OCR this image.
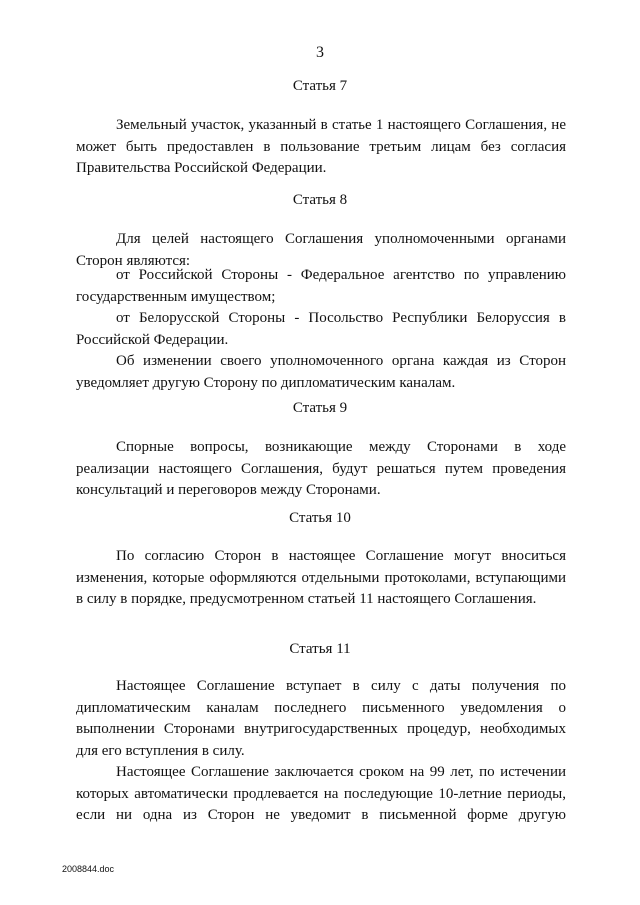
3
Статья 7
Земельный участок, указанный в статье 1 настоящего Соглашения, не может быть предоставлен в пользование третьим лицам без согласия Правительства Российской Федерации.
Статья 8
Для целей настоящего Соглашения уполномоченными органами Сторон являются:
от Российской Стороны - Федеральное агентство по управлению государственным имуществом;
от Белорусской Стороны - Посольство Республики Белоруссия в Российской Федерации.
Об изменении своего уполномоченного органа каждая из Сторон уведомляет другую Сторону по дипломатическим каналам.
Статья 9
Спорные вопросы, возникающие между Сторонами в ходе реализации настоящего Соглашения, будут решаться путем проведения консультаций и переговоров между Сторонами.
Статья 10
По согласию Сторон в настоящее Соглашение могут вноситься изменения, которые оформляются отдельными протоколами, вступающими в силу в порядке, предусмотренном статьей 11 настоящего Соглашения.
Статья 11
Настоящее Соглашение вступает в силу с даты получения по дипломатическим каналам последнего письменного уведомления о выполнении Сторонами внутригосударственных процедур, необходимых для его вступления в силу.
Настоящее Соглашение заключается сроком на 99 лет, по истечении которых автоматически продлевается на последующие 10-летние периоды, если ни одна из Сторон не уведомит в письменной форме другую
2008844.doc
